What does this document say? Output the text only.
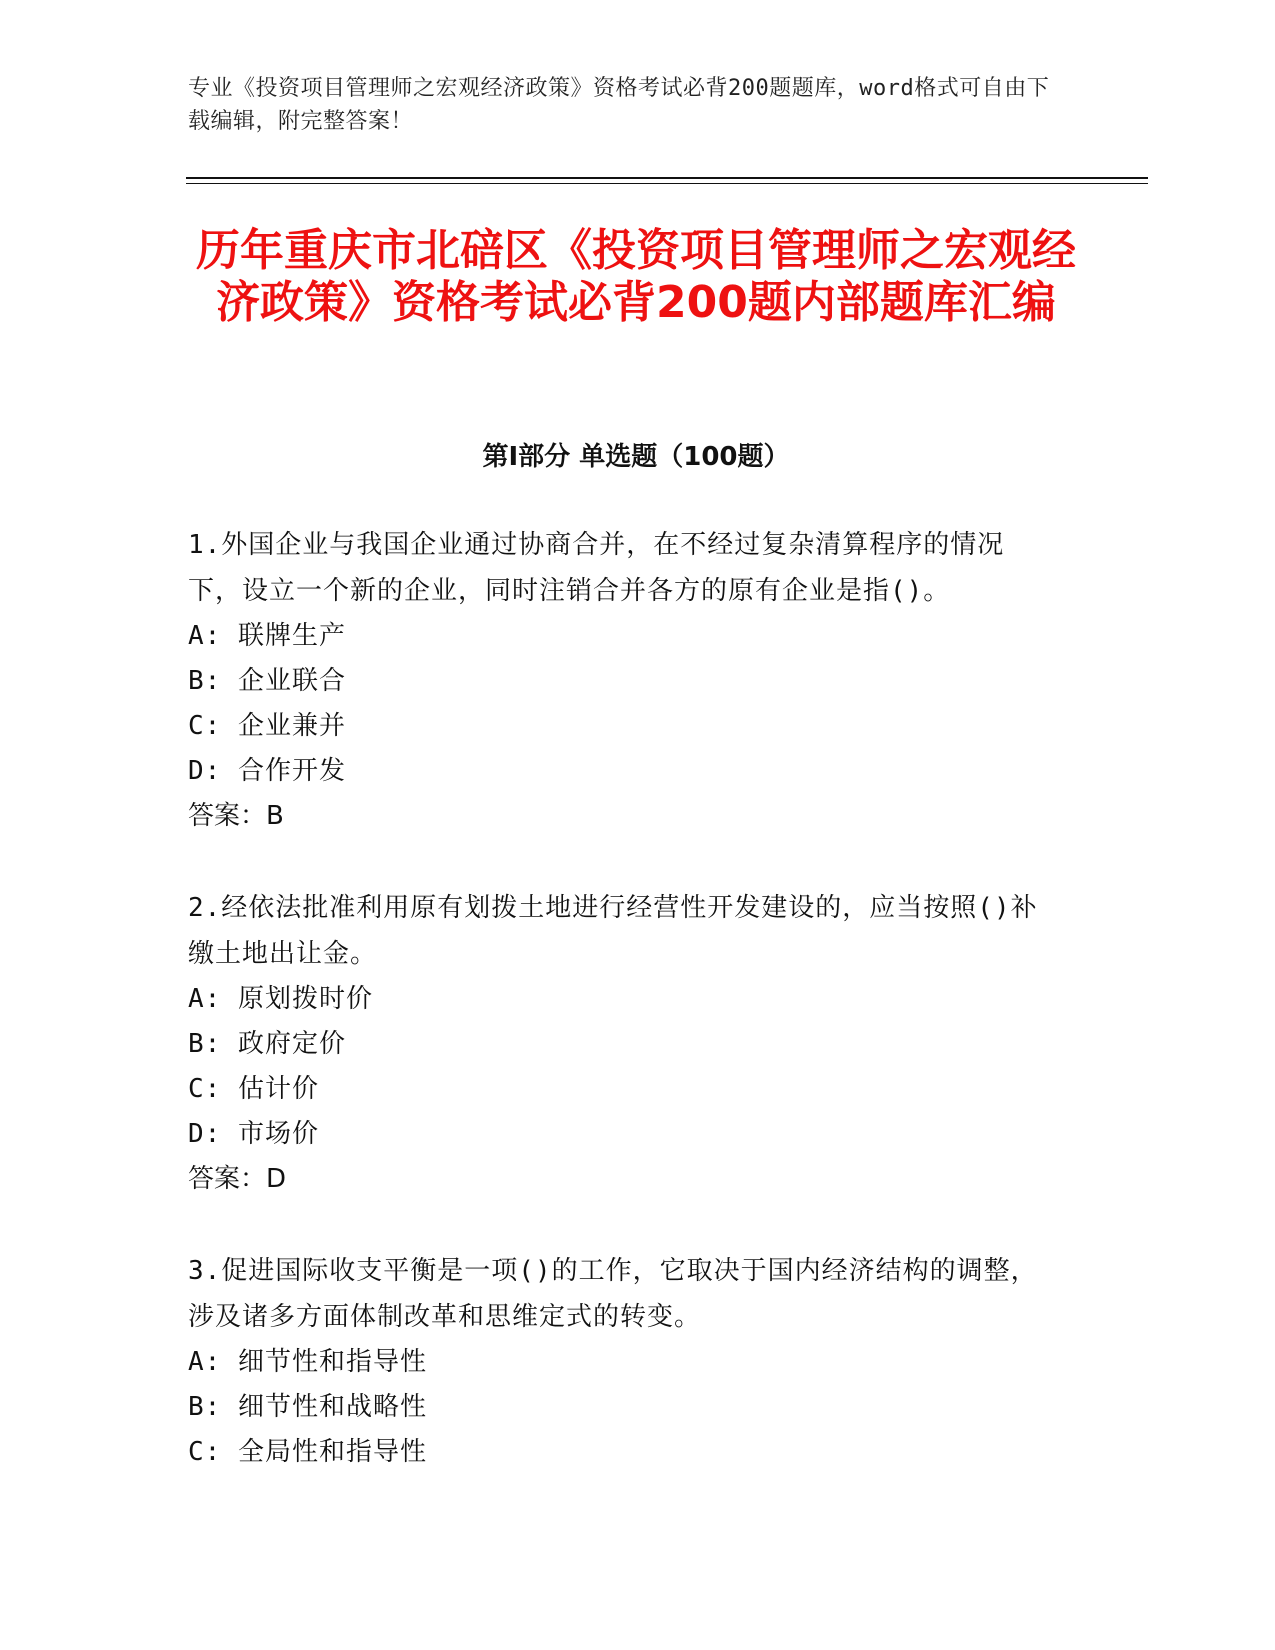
专业《投资项目管理师之宏观经济政策》资格考试必背200题题库，word格式可自由下载编辑，附完整答案！
历年重庆市北碚区《投资项目管理师之宏观经济政策》资格考试必背200题内部题库汇编
第Ⅰ部分 单选题（100题）

1.外国企业与我国企业通过协商合并，在不经过复杂清算程序的情况下，设立一个新的企业，同时注销合并各方的原有企业是指()。

A: 联牌生产

B: 企业联合

C: 企业兼并

D: 合作开发

答案：B

2.经依法批准利用原有划拨土地进行经营性开发建设的，应当按照()补缴土地出让金。

A: 原划拨时价

B: 政府定价

C: 估计价

D: 市场价

答案：D

3.促进国际收支平衡是一项()的工作，它取决于国内经济结构的调整，涉及诸多方面体制改革和思维定式的转变。

A: 细节性和指导性

B: 细节性和战略性

C: 全局性和指导性
